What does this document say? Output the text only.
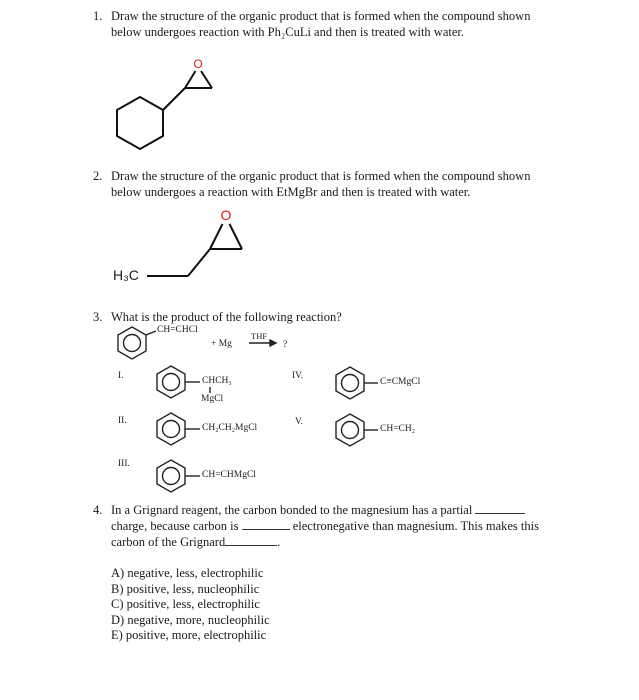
1. Draw the structure of the organic product that is formed when the compound shown
below undergoes reaction with Ph₂CuLi and then is treated with water.
O
2. Draw the structure of the organic product that is formed when the compound shown
below undergoes a reaction with EtMgBr and then is treated with water.
O
H₃C
3. What is the product of the following reaction?
CH=CHCl
+ Mg
THF
?
I.	CHCH₃
MgCl
II.
CH₂CH₂MgCl
III.
CH=CHMgCl
IV.
C≡CMgCl
V.
CH=CH₂
4. In a Grignard reagent, the carbon bonded to the magnesium has a partial
charge, because carbon is	electronegative than magnesium. This makes this
carbon of the Grignard	.
A) negative, less, electrophilic
B) positive, less, nucleophilic
C) positive, less, electrophilic
D) negative, more, nucleophilic
E) positive, more, electrophilic
